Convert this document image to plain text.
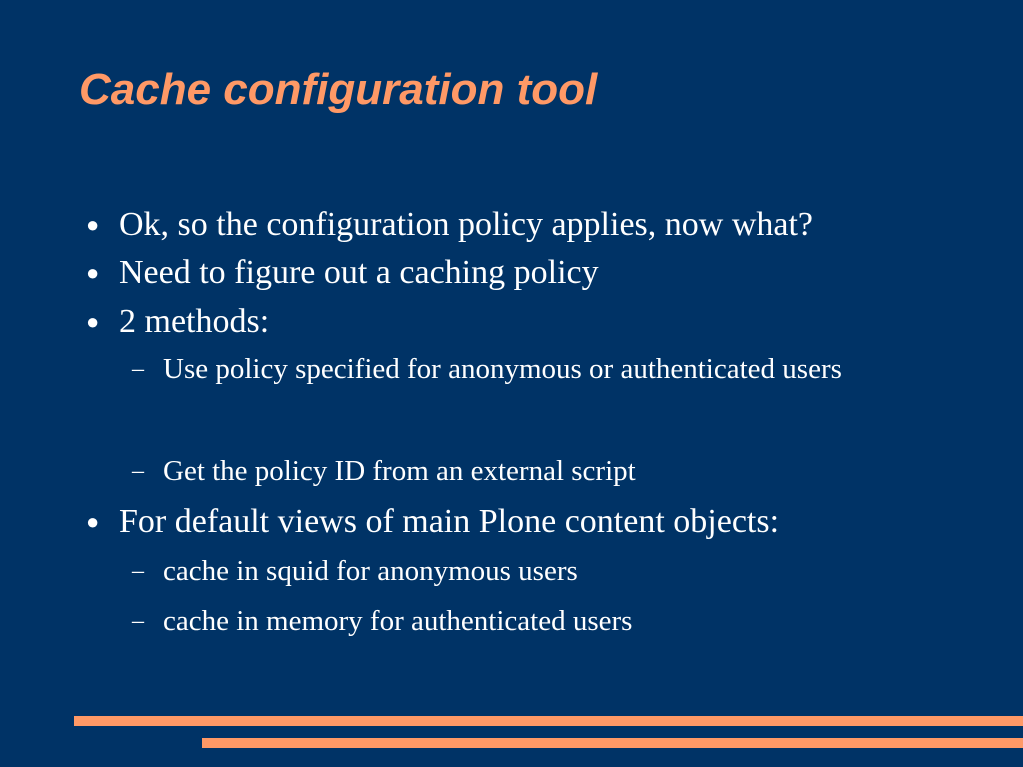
Cache configuration tool
● Ok, so the configuration policy applies, now what?
● Need to figure out a caching policy
● 2 methods:
– Use policy specified for anonymous or authenticated users
– Get the policy ID from an external script
● For default views of main Plone content objects:
– cache in squid for anonymous users
– cache in memory for authenticated users
